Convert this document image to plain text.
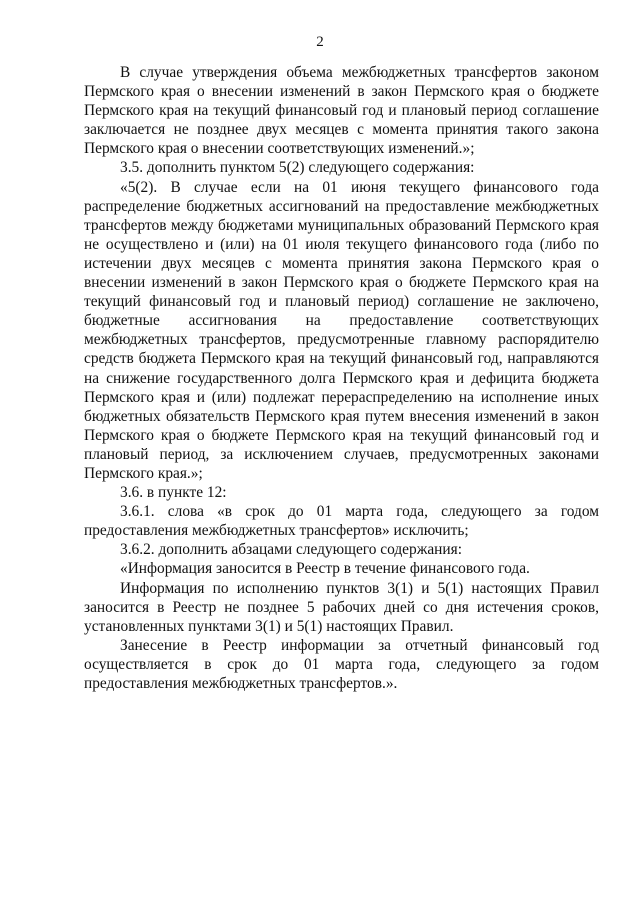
2

В случае утверждения объема межбюджетных трансфертов законом Пермского края о внесении изменений в закон Пермского края о бюджете Пермского края на текущий финансовый год и плановый период соглашение заключается не позднее двух месяцев с момента принятия такого закона Пермского края о внесении соответствующих изменений.»;

3.5. дополнить пунктом 5(2) следующего содержания:

«5(2). В случае если на 01 июня текущего финансового года распределение бюджетных ассигнований на предоставление межбюджетных трансфертов между бюджетами муниципальных образований Пермского края не осуществлено и (или) на 01 июля текущего финансового года (либо по истечении двух месяцев с момента принятия закона Пермского края о внесении изменений в закон Пермского края о бюджете Пермского края на текущий финансовый год и плановый период) соглашение не заключено, бюджетные ассигнования на предоставление соответствующих межбюджетных трансфертов, предусмотренные главному распорядителю средств бюджета Пермского края на текущий финансовый год, направляются на снижение государственного долга Пермского края и дефицита бюджета Пермского края и (или) подлежат перераспределению на исполнение иных бюджетных обязательств Пермского края путем внесения изменений в закон Пермского края о бюджете Пермского края на текущий финансовый год и плановый период, за исключением случаев, предусмотренных законами Пермского края.»;

3.6. в пункте 12:

3.6.1. слова «в срок до 01 марта года, следующего за годом предоставления межбюджетных трансфертов» исключить;

3.6.2. дополнить абзацами следующего содержания:

«Информация заносится в Реестр в течение финансового года.

Информация по исполнению пунктов 3(1) и 5(1) настоящих Правил заносится в Реестр не позднее 5 рабочих дней со дня истечения сроков, установленных пунктами 3(1) и 5(1) настоящих Правил.

Занесение в Реестр информации за отчетный финансовый год осуществляется в срок до 01 марта года, следующего за годом предоставления межбюджетных трансфертов.».
